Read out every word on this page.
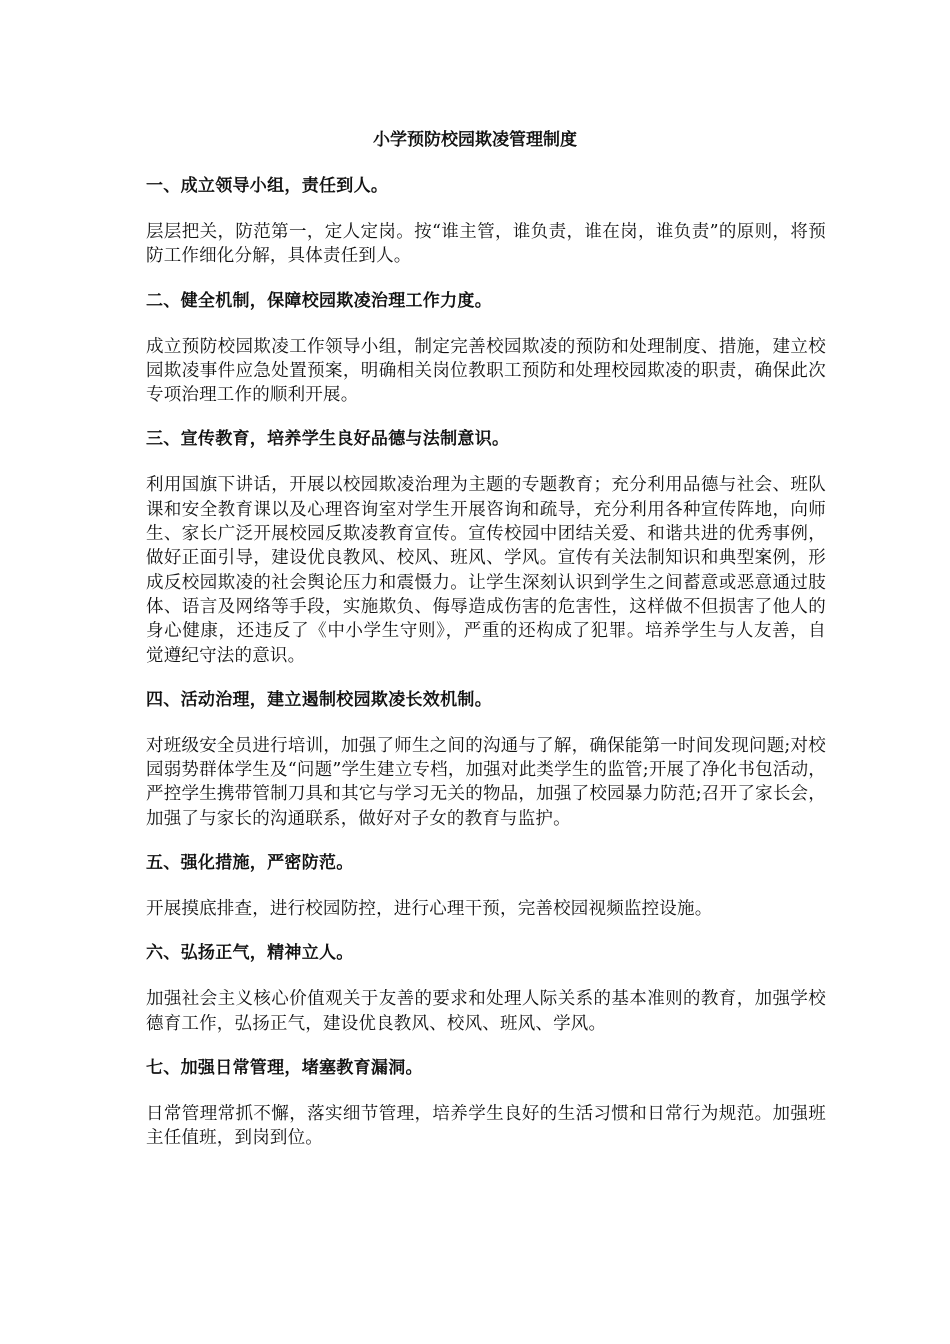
小学预防校园欺凌管理制度

一、成立领导小组，责任到人。

层层把关，防范第一，定人定岗。按“谁主管，谁负责，谁在岗，谁负责”的原则，将预防工作细化分解，具体责任到人。

二、健全机制，保障校园欺凌治理工作力度。

成立预防校园欺凌工作领导小组，制定完善校园欺凌的预防和处理制度、措施，建立校园欺凌事件应急处置预案，明确相关岗位教职工预防和处理校园欺凌的职责，确保此次专项治理工作的顺利开展。

三、宣传教育，培养学生良好品德与法制意识。

利用国旗下讲话，开展以校园欺凌治理为主题的专题教育；充分利用品德与社会、班队课和安全教育课以及心理咨询室对学生开展咨询和疏导，充分利用各种宣传阵地，向师生、家长广泛开展校园反欺凌教育宣传。宣传校园中团结关爱、和谐共进的优秀事例，做好正面引导，建设优良教风、校风、班风、学风。宣传有关法制知识和典型案例，形成反校园欺凌的社会舆论压力和震慑力。让学生深刻认识到学生之间蓄意或恶意通过肢体、语言及网络等手段，实施欺负、侮辱造成伤害的危害性，这样做不但损害了他人的身心健康，还违反了《中小学生守则》，严重的还构成了犯罪。培养学生与人友善，自觉遵纪守法的意识。

四、活动治理，建立遏制校园欺凌长效机制。

对班级安全员进行培训，加强了师生之间的沟通与了解，确保能第一时间发现问题;对校园弱势群体学生及“问题”学生建立专档，加强对此类学生的监管;开展了净化书包活动，严控学生携带管制刀具和其它与学习无关的物品，加强了校园暴力防范;召开了家长会，加强了与家长的沟通联系，做好对子女的教育与监护。

五、强化措施，严密防范。

开展摸底排查，进行校园防控，进行心理干预，完善校园视频监控设施。

六、弘扬正气，精神立人。

加强社会主义核心价值观关于友善的要求和处理人际关系的基本准则的教育，加强学校德育工作，弘扬正气，建设优良教风、校风、班风、学风。

七、加强日常管理，堵塞教育漏洞。

日常管理常抓不懈，落实细节管理，培养学生良好的生活习惯和日常行为规范。加强班主任值班，到岗到位。
